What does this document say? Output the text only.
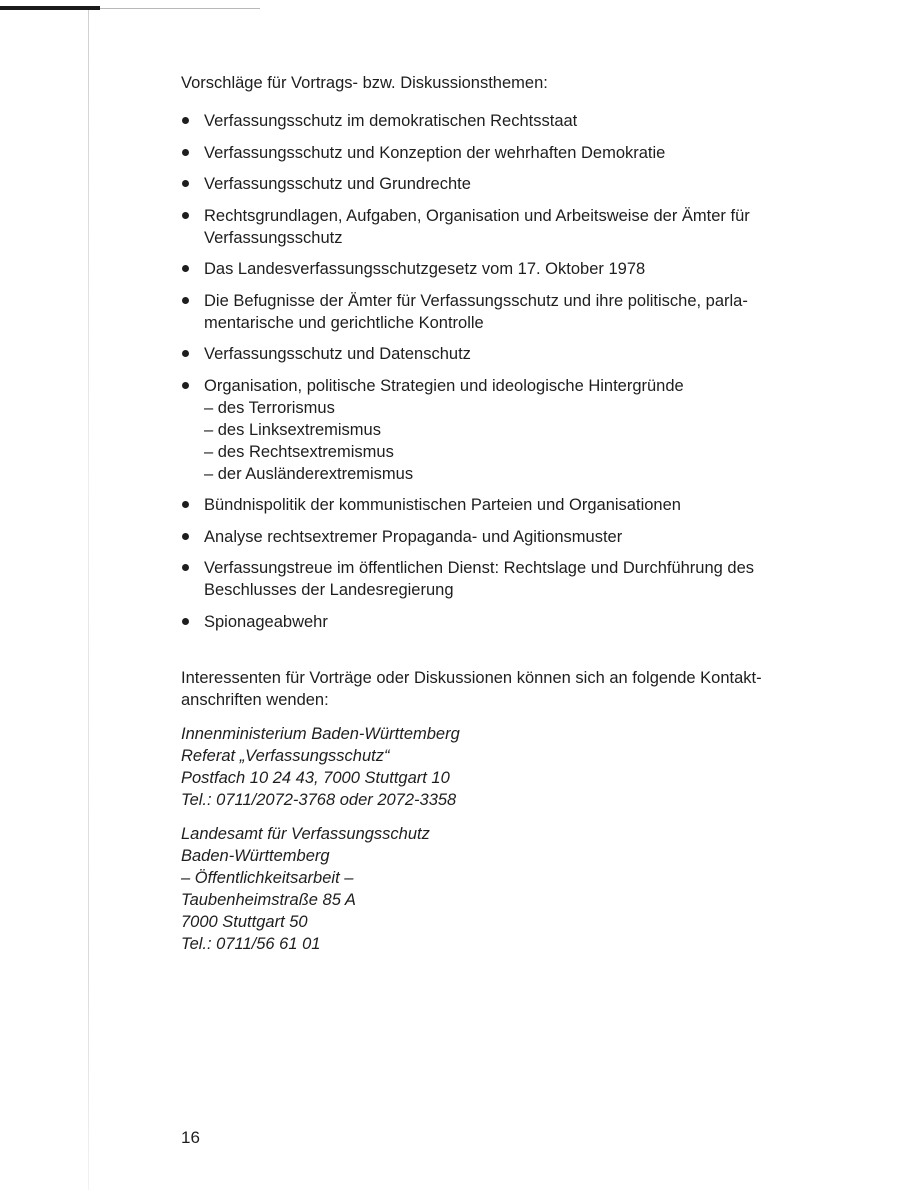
Vorschläge für Vortrags- bzw. Diskussionsthemen:

Verfassungsschutz im demokratischen Rechtsstaat
Verfassungsschutz und Konzeption der wehrhaften Demokratie
Verfassungsschutz und Grundrechte
Rechtsgrundlagen, Aufgaben, Organisation und Arbeitsweise der Ämter für
Verfassungsschutz
Das Landesverfassungsschutzgesetz vom 17. Oktober 1978
Die Befugnisse der Ämter für Verfassungsschutz und ihre politische, parla-
mentarische und gerichtliche Kontrolle
Verfassungsschutz und Datenschutz
Organisation, politische Strategien und ideologische Hintergründe
– des Terrorismus
– des Linksextremismus
– des Rechtsextremismus
– der Ausländerextremismus
Bündnispolitik der kommunistischen Parteien und Organisationen
Analyse rechtsextremer Propaganda- und Agitionsmuster
Verfassungstreue im öffentlichen Dienst: Rechtslage und Durchführung des
Beschlusses der Landesregierung
Spionageabwehr

Interessenten für Vorträge oder Diskussionen können sich an folgende Kontakt-
anschriften wenden:

Innenministerium Baden-Württemberg
Referat „Verfassungsschutz“
Postfach 10 24 43, 7000 Stuttgart 10
Tel.: 0711/2072-3768 oder 2072-3358
Landesamt für Verfassungsschutz
Baden-Württemberg
– Öffentlichkeitsarbeit –
Taubenheimstraße 85 A
7000 Stuttgart 50
Tel.: 0711/56 61 01
16
